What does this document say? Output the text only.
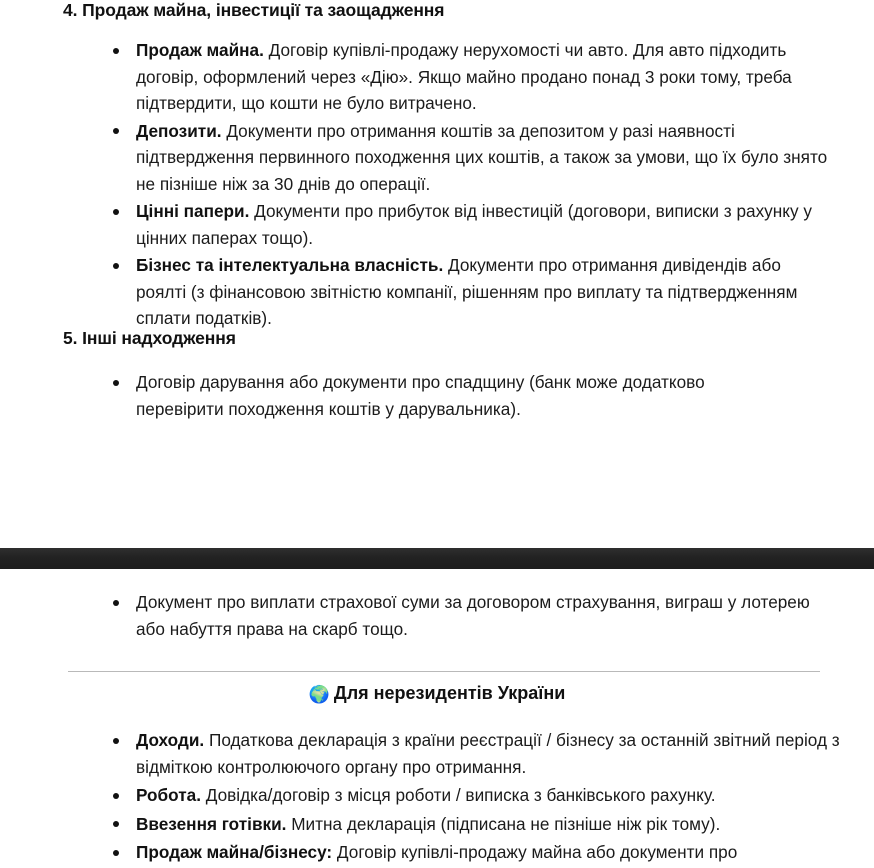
4. Продаж майна, інвестиції та заощадження
Продаж майна. Договір купівлі-продажу нерухомості чи авто. Для авто підходить договір, оформлений через «Дію». Якщо майно продано понад 3 роки тому, треба підтвердити, що кошти не було витрачено.
Депозити. Документи про отримання коштів за депозитом у разі наявності підтвердження первинного походження цих коштів, а також за умови, що їх було знято не пізніше ніж за 30 днів до операції.
Цінні папери. Документи про прибуток від інвестицій (договори, виписки з рахунку у цінних паперах тощо).
Бізнес та інтелектуальна власність. Документи про отримання дивідендів або роялті (з фінансовою звітністю компанії, рішенням про виплату та підтвердженням сплати податків).
5. Інші надходження
Договір дарування або документи про спадщину (банк може додатково перевірити походження коштів у дарувальника).
Документ про виплати страхової суми за договором страхування, виграш у лотерею або набуття права на скарб тощо.
🌍 Для нерезидентів України
Доходи. Податкова декларація з країни реєстрації / бізнесу за останній звітний період з відміткою контролюючого органу про отримання.
Робота. Довідка/договір з місця роботи / виписка з банківського рахунку.
Ввезення готівки. Митна декларація (підписана не пізніше ніж рік тому).
Продаж майна/бізнесу: Договір купівлі-продажу майна або документи про
